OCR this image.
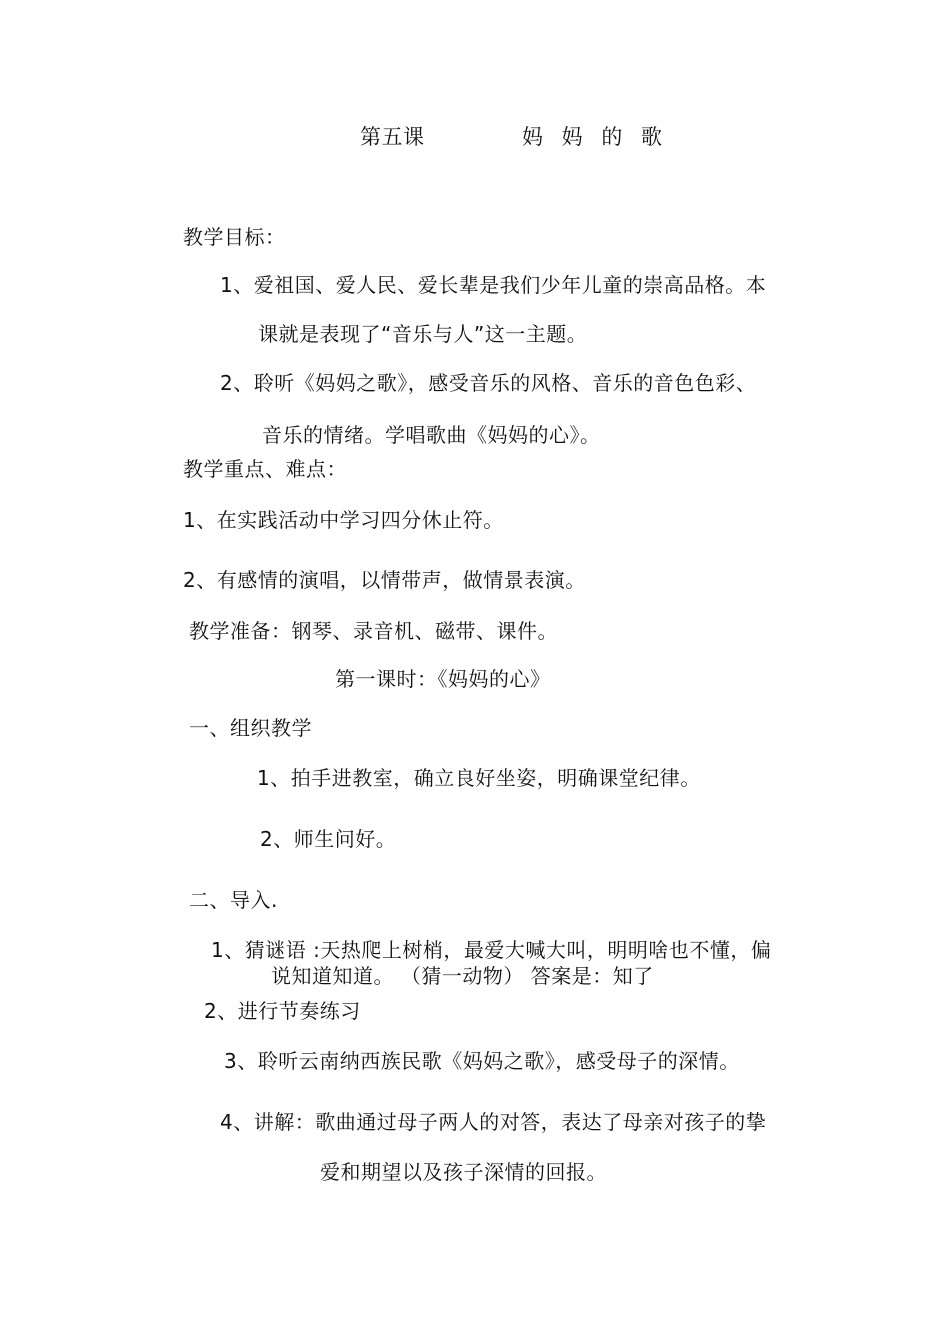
第五课	妈 妈 的 歌
教学目标：
1、爱祖国、爱人民、爱长辈是我们少年儿童的崇高品格。本
课就是表现了“音乐与人”这一主题。
2、聆听《妈妈之歌》，感受音乐的风格、音乐的音色色彩、
音乐的情绪。学唱歌曲《妈妈的心》。
教学重点、难点：
1、在实践活动中学习四分休止符。
2、有感情的演唱，以情带声，做情景表演。
教学准备：钢琴、录音机、磁带、课件。
第一课时：《妈妈的心》
一、组织教学
1、拍手进教室，确立良好坐姿，明确课堂纪律。
2、师生问好。
二、导入.
1、猜谜语 :天热爬上树梢，最爱大喊大叫，明明啥也不懂，偏
说知道知道。 （猜一动物） 答案是：知了
2、进行节奏练习
3、聆听云南纳西族民歌《妈妈之歌》，感受母子的深情。
4、讲解：歌曲通过母子两人的对答，表达了母亲对孩子的挚
爱和期望以及孩子深情的回报。
